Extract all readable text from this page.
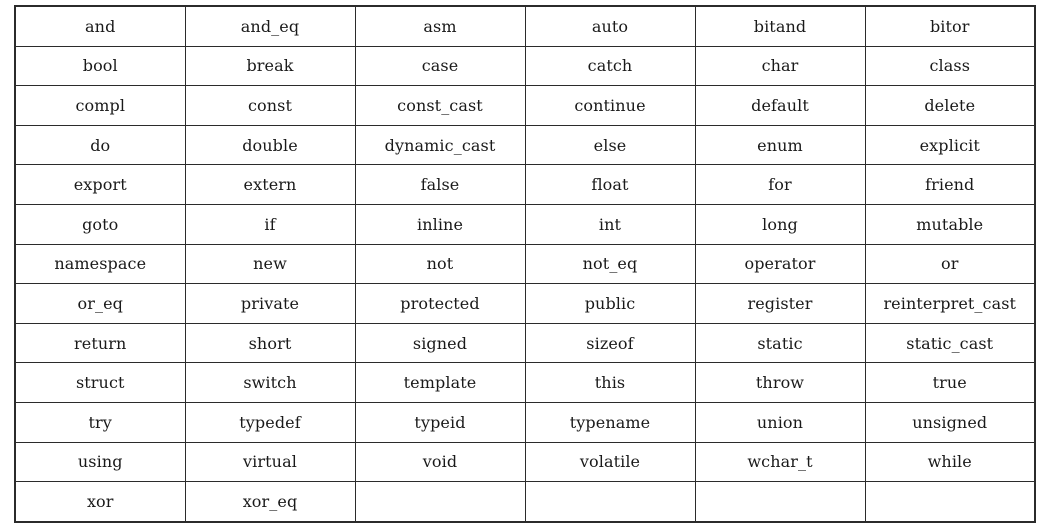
and	and_eq	asm	auto	bitand	bitor
bool	break	case	catch	char	class
compl	const	const_cast	continue	default	delete
do	double	dynamic_cast	else	enum	explicit
export	extern	false	float	for	friend
goto	if	inline	int	long	mutable
namespace	new	not	not_eq	operator	or
or_eq	private	protected	public	register	reinterpret_cast
return	short	signed	sizeof	static	static_cast
struct	switch	template	this	throw	true
try	typedef	typeid	typename	union	unsigned
using	virtual	void	volatile	wchar_t	while
xor	xor_eq				
